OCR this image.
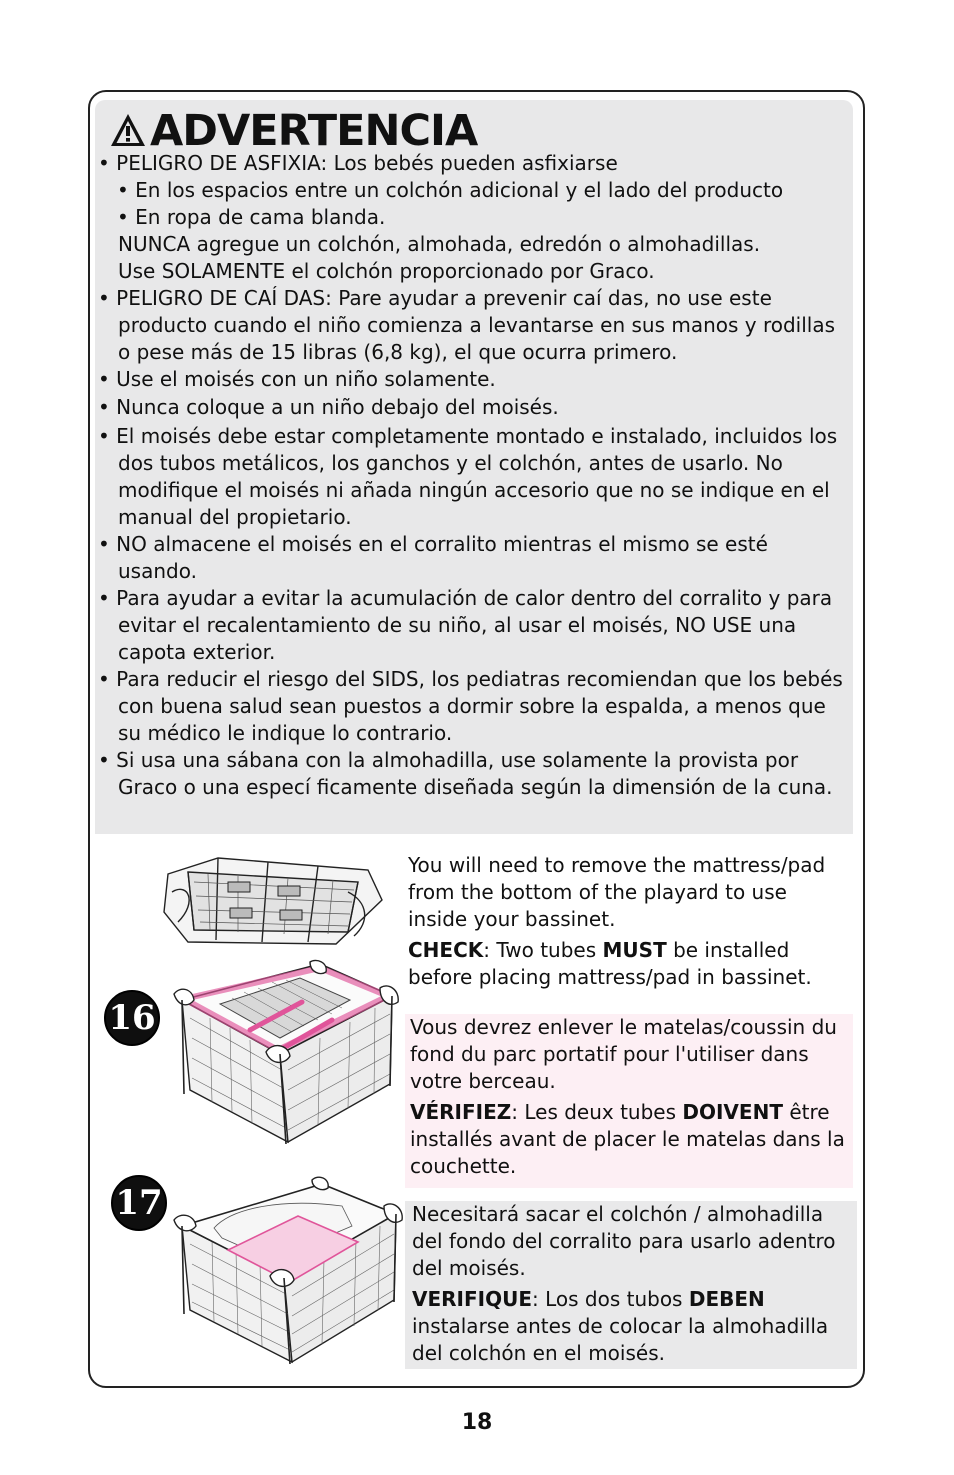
ADVERTENCIA
• PELIGRO DE ASFIXIA: Los bebés pueden asfixiarse
• En los espacios entre un colchón adicional y el lado del producto
• En ropa de cama blanda.
NUNCA agregue un colchón, almohada, edredón o almohadillas.
Use SOLAMENTE el colchón proporcionado por Graco.
• PELIGRO DE CAÍ DAS: Pare ayudar a prevenir caí das, no use este producto cuando el niño comienza a levantarse en sus manos y rodillas o pese más de 15 libras (6,8 kg), el que ocurra primero.
• Use el moisés con un niño solamente.
• Nunca coloque a un niño debajo del moisés.
• El moisés debe estar completamente montado e instalado, incluidos los dos tubos metálicos, los ganchos y el colchón, antes de usarlo. No modifique el moisés ni añada ningún accesorio que no se indique en el manual del propietario.
• NO almacene el moisés en el corralito mientras el mismo se esté usando.
• Para ayudar a evitar la acumulación de calor dentro del corralito y para evitar el recalentamiento de su niño, al usar el moisés, NO USE una capota exterior.
• Para reducir el riesgo del SIDS, los pediatras recomiendan que los bebés con buena salud sean puestos a dormir sobre la espalda, a menos que su médico le indique lo contrario.
• Si usa una sábana con la almohadilla, use solamente la provista por Graco o una especí ficamente diseñada según la dimensión de la cuna.
16
17

You will need to remove the mattress/pad from the bottom of the playard to use inside your bassinet.

CHECK: Two tubes MUST be installed before placing mattress/pad in bassinet.

Vous devrez enlever le matelas/coussin du fond du parc portatif pour l'utiliser dans votre berceau.

VÉRIFIEZ: Les deux tubes DOIVENT être installés avant de placer le matelas dans la couchette.

Necesitará sacar el colchón / almohadilla del fondo del corralito para usarlo adentro del moisés.

VERIFIQUE: Los dos tubos DEBEN instalarse antes de colocar la almohadilla del colchón en el moisés.

18
